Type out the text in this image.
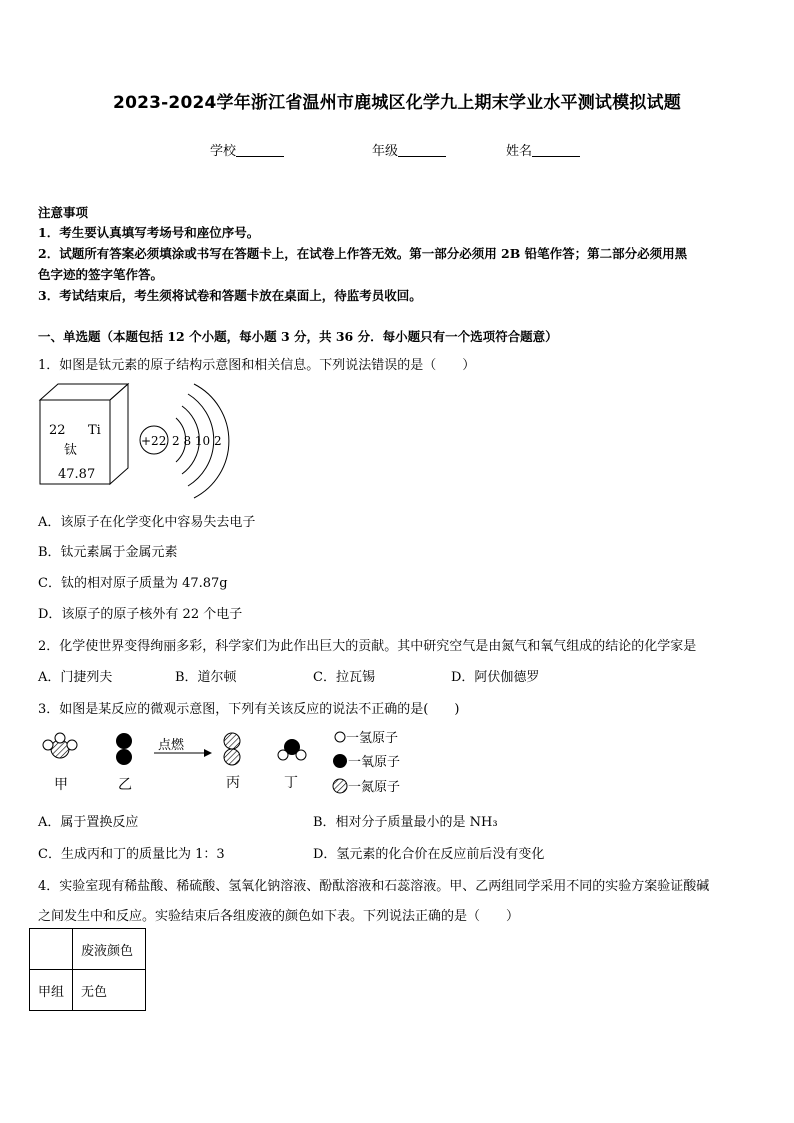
2023-2024学年浙江省温州市鹿城区化学九上期末学业水平测试模拟试题
学校	年级	姓名
注意事项
1．考生要认真填写考场号和座位序号。
2．试题所有答案必须填涂或书写在答题卡上，在试卷上作答无效。第一部分必须用 2B 铅笔作答；第二部分必须用黑
色字迹的签字笔作答。
3．考试结束后，考生须将试卷和答题卡放在桌面上，待监考员收回。
一、单选题（本题包括 12 个小题，每小题 3 分，共 36 分．每小题只有一个选项符合题意）
1．如图是钛元素的原子结构示意图和相关信息。下列说法错误的是（　　）
22 Ti
钛
47.87
+22 2 8 10 2
A．该原子在化学变化中容易失去电子
B．钛元素属于金属元素
C．钛的相对原子质量为 47.87g
D．该原子的原子核外有 22 个电子
2．化学使世界变得绚丽多彩，科学家们为此作出巨大的贡献。其中研究空气是由氮气和氧气组成的结论的化学家是
A．门捷列夫	B．道尔顿	C．拉瓦锡	D．阿伏伽德罗
3．如图是某反应的微观示意图，下列有关该反应的说法不正确的是(　　)
点燃
甲	乙	丙	丁
一氢原子
一氧原子
一氮原子
A．属于置换反应	B．相对分子质量最小的是 NH₃
C．生成丙和丁的质量比为 1：3	D．氢元素的化合价在反应前后没有变化
4．实验室现有稀盐酸、稀硫酸、氢氧化钠溶液、酚酞溶液和石蕊溶液。甲、乙两组同学采用不同的实验方案验证酸碱
之间发生中和反应。实验结束后各组废液的颜色如下表。下列说法正确的是（　　）
	废液颜色
甲组	无色
